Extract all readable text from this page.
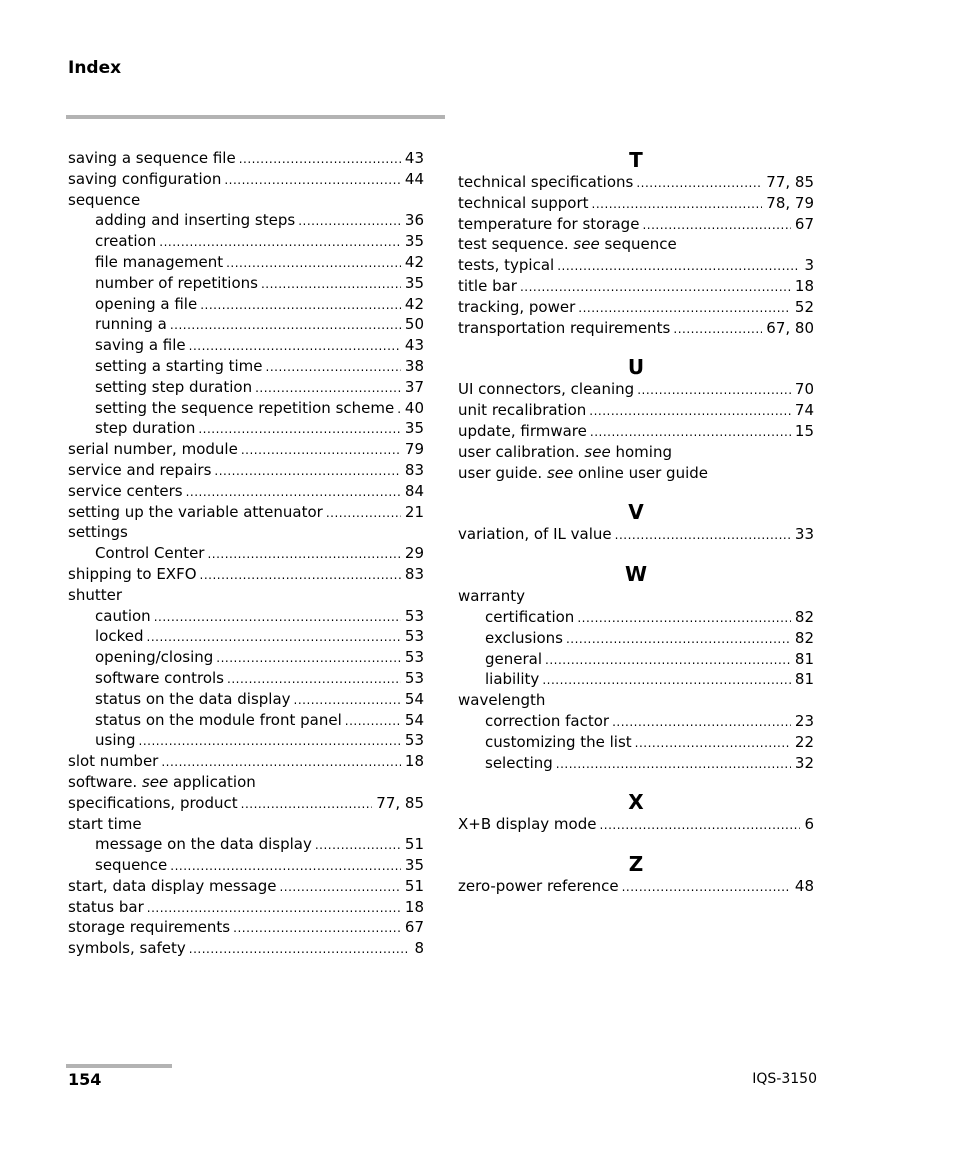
Index
saving a sequence file .....	43
saving configuration .....	44
sequence
adding and inserting steps .....	36
creation .....	35
file management .....	42
number of repetitions .....	35
opening a file .....	42
running a .....	50
saving a file .....	43
setting a starting time .....	38
setting step duration .....	37
setting the sequence repetition scheme ..... 40
step duration .....	35
serial number, module .....	79
service and repairs .....	83
service centers .....	84
setting up the variable attenuator .....	21
settings
Control Center .....	29
shipping to EXFO .....	83
shutter
caution .....	53
locked .....	53
opening/closing .....	53
software controls .....	53
status on the data display .....	54
status on the module front panel .....	54
using .....	53
slot number .....	18
software. see application
specifications, product .....	77, 85
start time
message on the data display .....	51
sequence .....	35
start, data display message .....	51
status bar .....	18
storage requirements .....	67
symbols, safety .....	8
T
technical specifications .....	77, 85
technical support .....	78, 79
temperature for storage .....	67
test sequence. see sequence
tests, typical .....	3
title bar .....	18
tracking, power .....	52
transportation requirements .....	67, 80
U
UI connectors, cleaning .....	70
unit recalibration .....	74
update, firmware .....	15
user calibration. see homing
user guide. see online user guide
V
variation, of IL value .....	33
W
warranty
certification .....	82
exclusions .....	82
general .....	81
liability .....	81
wavelength
correction factor .....	23
customizing the list .....	22
selecting .....	32
X
X+B display mode .....	6
Z
zero-power reference .....	48
154	IQS-3150
